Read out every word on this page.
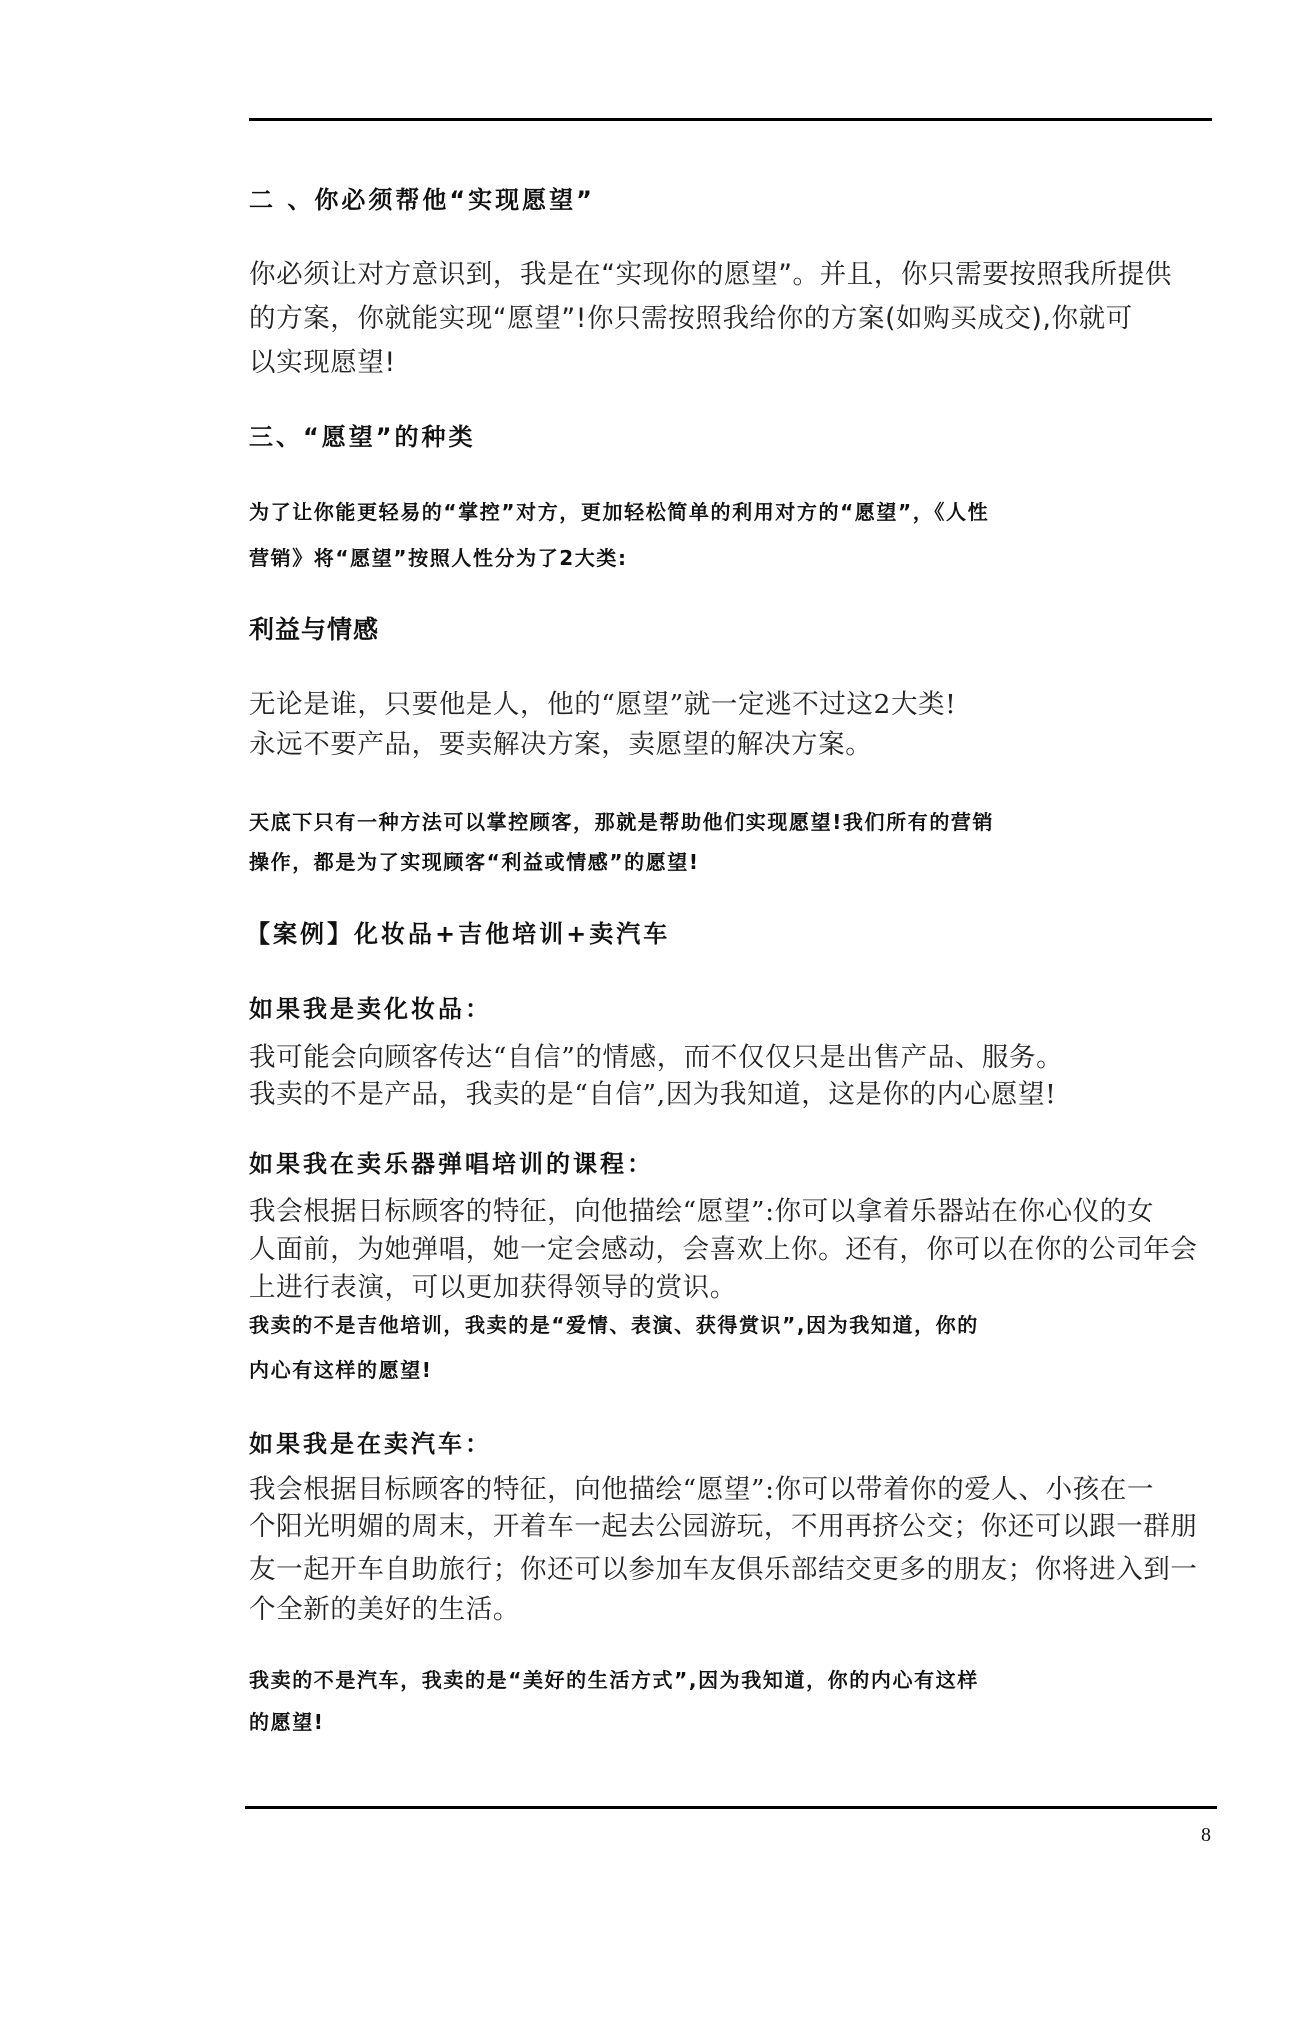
二 、你必须帮他“实现愿望”
你必须让对方意识到，我是在“实现你的愿望”。并且，你只需要按照我所提供
的方案，你就能实现“愿望”!你只需按照我给你的方案(如购买成交),你就可
以实现愿望!
三、“愿望”的种类
为了让你能更轻易的“掌控”对方，更加轻松简单的利用对方的“愿望”，《人性
营销》将“愿望”按照人性分为了2大类:
利益与情感
无论是谁，只要他是人，他的“愿望”就一定逃不过这2大类!
永远不要产品，要卖解决方案，卖愿望的解决方案。
天底下只有一种方法可以掌控顾客，那就是帮助他们实现愿望!我们所有的营销
操作，都是为了实现顾客“利益或情感”的愿望!
【案例】化妆品+吉他培训+卖汽车
如果我是卖化妆品：
我可能会向顾客传达“自信”的情感，而不仅仅只是出售产品、服务。
我卖的不是产品，我卖的是“自信”,因为我知道，这是你的内心愿望!
如果我在卖乐器弹唱培训的课程：
我会根据日标顾客的特征，向他描绘“愿望”:你可以拿着乐器站在你心仪的女
人面前，为她弹唱，她一定会感动，会喜欢上你。还有，你可以在你的公司年会
上进行表演，可以更加获得领导的赏识。
我卖的不是吉他培训，我卖的是“爱情、表演、获得赏识”,因为我知道，你的
内心有这样的愿望!
如果我是在卖汽车：
我会根据目标顾客的特征，向他描绘“愿望”:你可以带着你的爱人、小孩在一
个阳光明媚的周末，开着车一起去公园游玩，不用再挤公交；你还可以跟一群朋
友一起开车自助旅行；你还可以参加车友俱乐部结交更多的朋友；你将进入到一
个全新的美好的生活。
我卖的不是汽车，我卖的是“美好的生活方式”,因为我知道，你的内心有这样
的愿望!
8
